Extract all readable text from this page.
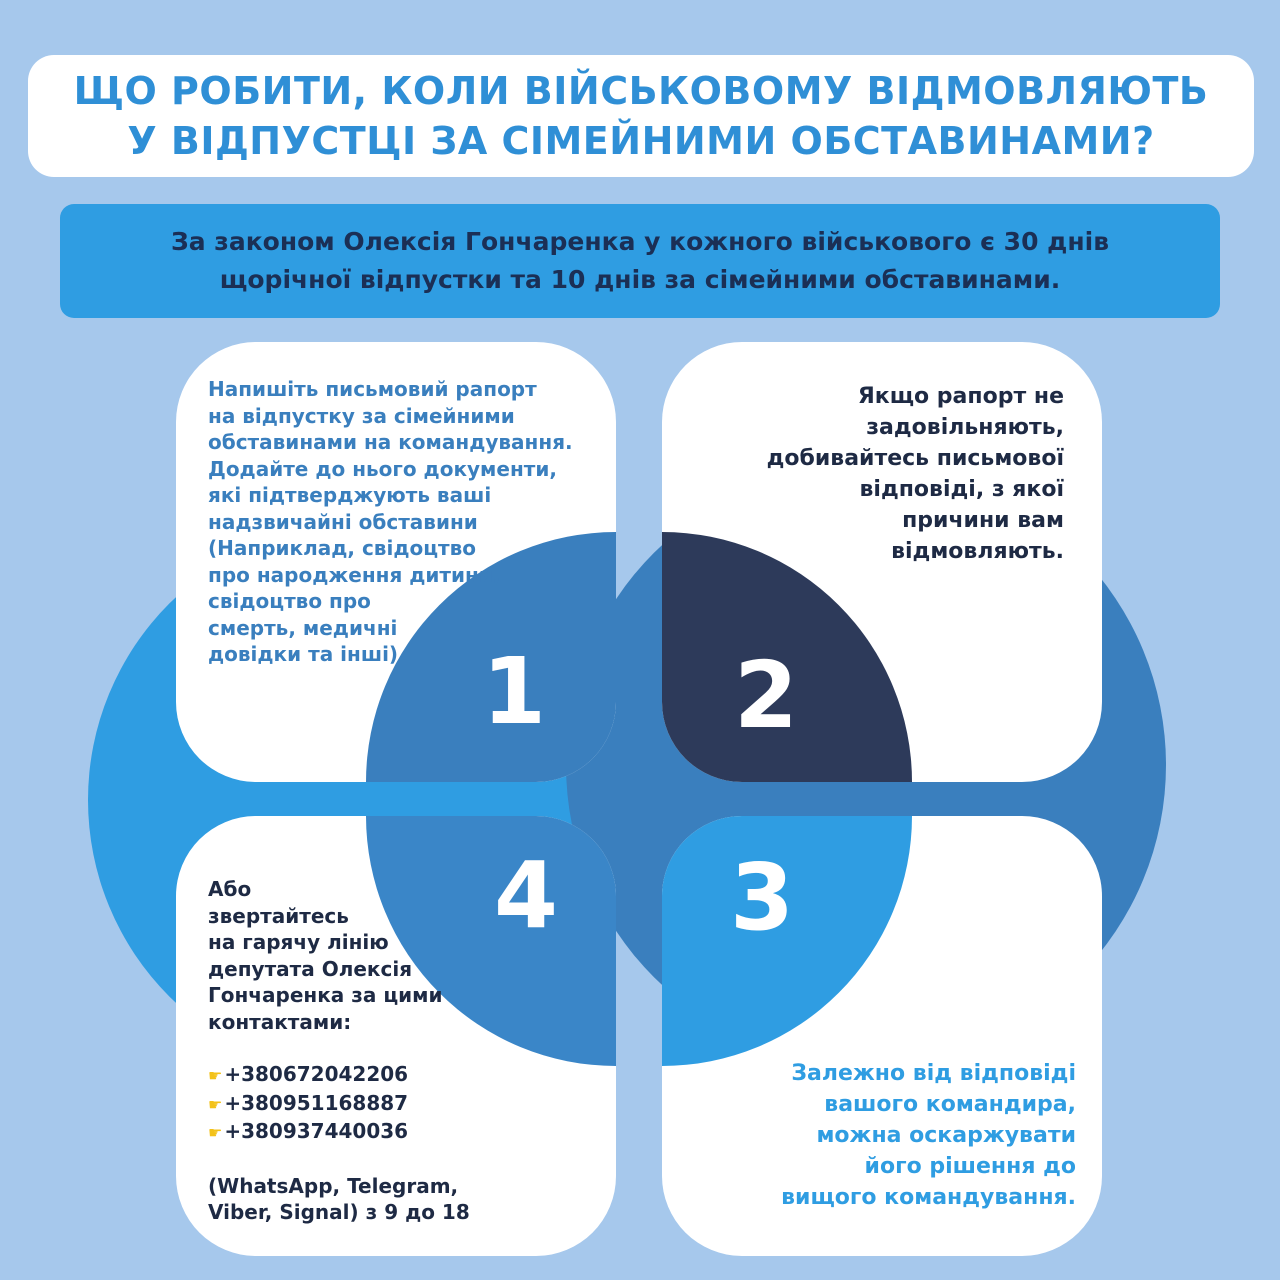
ЩО РОБИТИ, КОЛИ ВІЙСЬКОВОМУ ВІДМОВЛЯЮТЬ
У ВІДПУСТЦІ ЗА СІМЕЙНИМИ ОБСТАВИНАМИ?
За законом Олексія Гончаренка у кожного військового є 30 днів
щорічної відпустки та 10 днів за сімейними обставинами.
1	2
3
4
Напишіть письмовий рапорт
на відпустку за сімейними
обставинами на командування.
Додайте до нього документи,
які підтверджують ваші
надзвичайні обставини
(Наприклад, свідоцтво
про народження дитини,
свідоцтво про
смерть, медичні
довідки та інші)
Якщо рапорт не
задовільняють,
добивайтесь письмової
відповіді, з якої
причини вам
відмовляють.
Залежно від відповіді
вашого командира,
можна оскаржувати
його рішення до
вищого командування.
Або
звертайтесь
на гарячу лінію
депутата Олексія
Гончаренка за цими
контактами:
☛ +380672042206
☛ +380951168887
☛ +380937440036
(WhatsApp, Telegram,
Viber, Signal) з 9 до 18
